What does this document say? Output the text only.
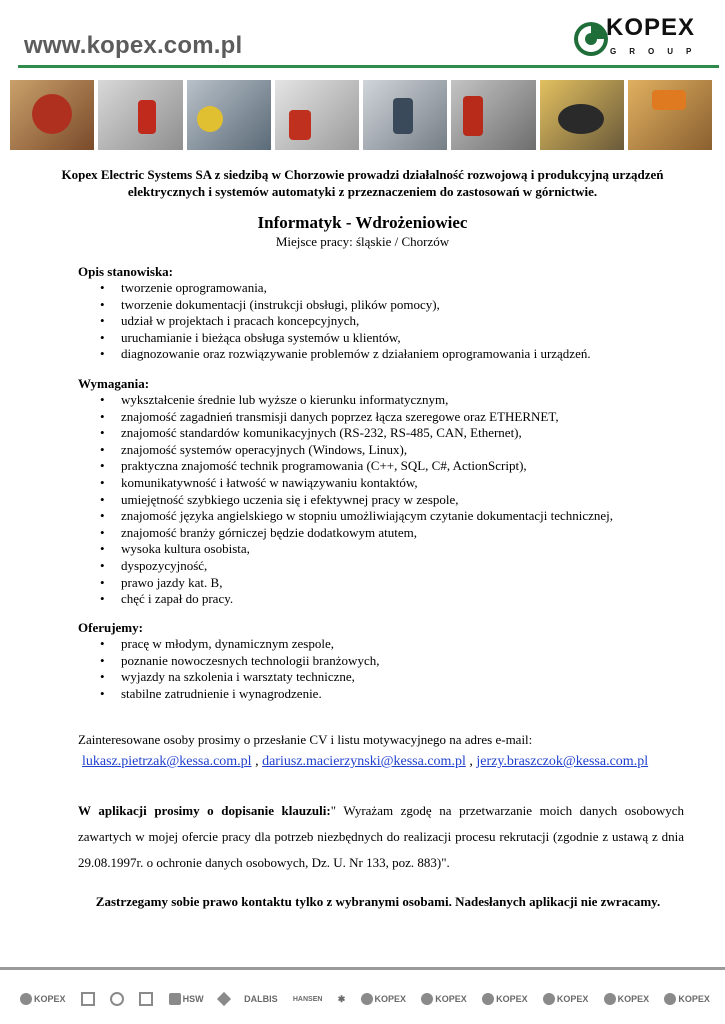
www.kopex.com.pl
KOPEX
GROUP
Kopex Electric Systems SA z siedzibą w Chorzowie prowadzi działalność rozwojową i produkcyjną urządzeń elektrycznych i systemów automatyki z przeznaczeniem do zastosowań w górnictwie.
Informatyk - Wdrożeniowiec
Miejsce pracy: śląskie / Chorzów
Opis stanowiska:
• tworzenie oprogramowania,
• tworzenie dokumentacji (instrukcji obsługi, plików pomocy),
• udział w projektach i pracach koncepcyjnych,
• uruchamianie i bieżąca obsługa systemów u klientów,
• diagnozowanie oraz rozwiązywanie problemów z działaniem oprogramowania i urządzeń.
Wymagania:
• wykształcenie średnie lub wyższe o kierunku informatycznym,
• znajomość zagadnień transmisji danych poprzez łącza szeregowe oraz ETHERNET,
• znajomość standardów komunikacyjnych (RS-232, RS-485, CAN, Ethernet),
• znajomość systemów operacyjnych (Windows, Linux),
• praktyczna znajomość technik programowania (C++, SQL, C#, ActionScript),
• komunikatywność i łatwość w nawiązywaniu kontaktów,
• umiejętność szybkiego uczenia się i efektywnej pracy w zespole,
• znajomość języka angielskiego w stopniu umożliwiającym czytanie dokumentacji technicznej,
• znajomość branży górniczej będzie dodatkowym atutem,
• wysoka kultura osobista,
• dyspozycyjność,
• prawo jazdy kat. B,
• chęć i zapał do pracy.
Oferujemy:
• pracę w młodym, dynamicznym zespole,
• poznanie nowoczesnych technologii branżowych,
• wyjazdy na szkolenia i warsztaty techniczne,
• stabilne zatrudnienie i wynagrodzenie.
Zainteresowane osoby prosimy o przesłanie CV i listu motywacyjnego na adres e-mail:
lukasz.pietrzak@kessa.com.pl , dariusz.macierzynski@kessa.com.pl , jerzy.braszczok@kessa.com.pl
W aplikacji prosimy o dopisanie klauzuli:" Wyrażam zgodę na przetwarzanie moich danych osobowych zawartych w mojej ofercie pracy dla potrzeb niezbędnych do realizacji procesu rekrutacji (zgodnie z ustawą z dnia 29.08.1997r. o ochronie danych osobowych, Dz. U. Nr 133, poz. 883)".
Zastrzegamy sobie prawo kontaktu tylko z wybranymi osobami. Nadesłanych aplikacji nie zwracamy.
KOPEX	HSW	DALBIS HANSEN ✱	KOPEX	KOPEX	KOPEX	KOPEX	KOPEX	KOPEX
